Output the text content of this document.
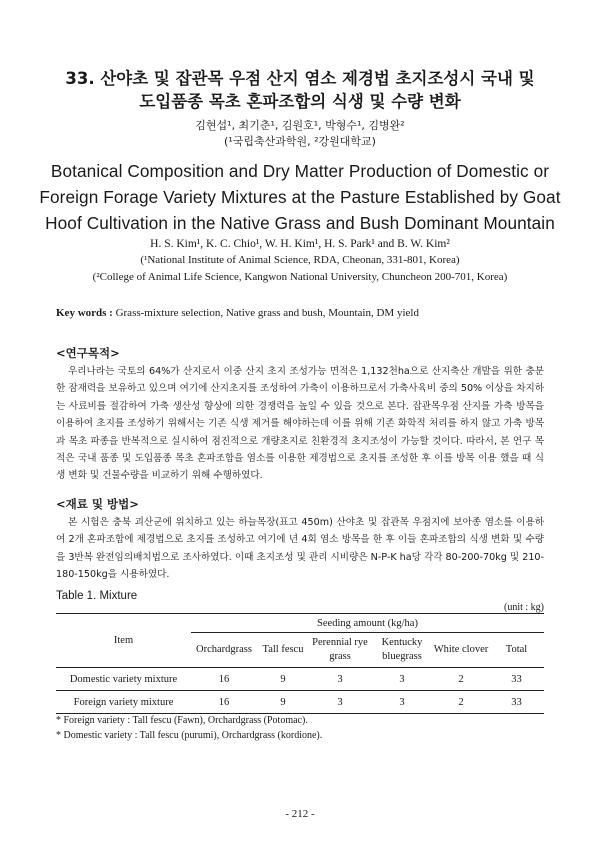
33. 산야초 및 잡관목 우점 산지 염소 제경법 초지조성시 국내 및
도입품종 목초 혼파조합의 식생 및 수량 변화
김현섭¹, 최기춘¹, 김원호¹, 박형수¹, 김병완²
(¹국립축산과학원, ²강원대학교)
Botanical Composition and Dry Matter Production of Domestic or
Foreign Forage Variety Mixtures at the Pasture Established by Goat
Hoof Cultivation in the Native Grass and Bush Dominant Mountain
H. S. Kim¹, K. C. Chio¹, W. H. Kim¹, H. S. Park¹ and B. W. Kim²
(¹National Institute of Animal Science, RDA, Cheonan, 331-801, Korea)
(²College of Animal Life Science, Kangwon National University, Chuncheon 200-701, Korea)
Key words : Grass-mixture selection, Native grass and bush, Mountain, DM yield
<연구목적>

우리나라는 국토의 64%가 산지로서 이중 산지 초지 조성가능 면적은 1,132천ha으로 산지축산 개발을 위한 충분한 잠재력을 보유하고 있으며 여기에 산지초지를 조성하여 가축이 이용하므로서 가축사육비 중의 50% 이상을 차지하는 사료비를 절감하여 가축 생산성 향상에 의한 경쟁력을 높일 수 있을 것으로 본다. 잡관목우점 산지를 가축 방목을 이용하여 초지를 조성하기 위해서는 기존 식생 제거를 해야하는데 이를 위해 기존 화학적 처리를 하지 않고 가축 방목과 목초 파종을 반복적으로 실시하여 점진적으로 개량초지로 친환경적 초지조성이 가능할 것이다. 따라서, 본 연구 목적은 국내 품종 및 도입품종 목초 혼파조합을 염소를 이용한 제경법으로 초지를 조성한 후 이를 방목 이용 했을 때 식생 변화 및 건물수량을 비교하기 위해 수행하였다.

<재료 및 방법>

본 시험은 충북 괴산군에 위치하고 있는 하늘목장(표고 450m) 산야초 및 잡관목 우점지에 보아종 염소를 이용하여 2개 혼파조합에 제경법으로 초지를 조성하고 여기에 년 4회 염소 방목을 한 후 이들 혼파조합의 식생 변화 및 수량을 3반복 완전임의배치법으로 조사하였다. 이때 초지조성 및 관리 시비량은 N-P-K ha당 각각 80-200-70kg 및 210-180-150kg을 시용하였다.

Table 1. Mixture
(unit : kg)
Item	Seeding amount (kg/ha)					
	Orchardgrass	Tall fescu	Perennial rye grass	Kentucky bluegrass	White clover	Total
Domestic variety mixture	16	9	3	3	2	33
Foreign variety mixture	16	9	3	3	2	33
* Foreign variety : Tall fescu (Fawn), Orchardgrass (Potomac).
* Domestic variety : Tall fescu (purumi), Orchardgrass (kordione).
- 212 -
